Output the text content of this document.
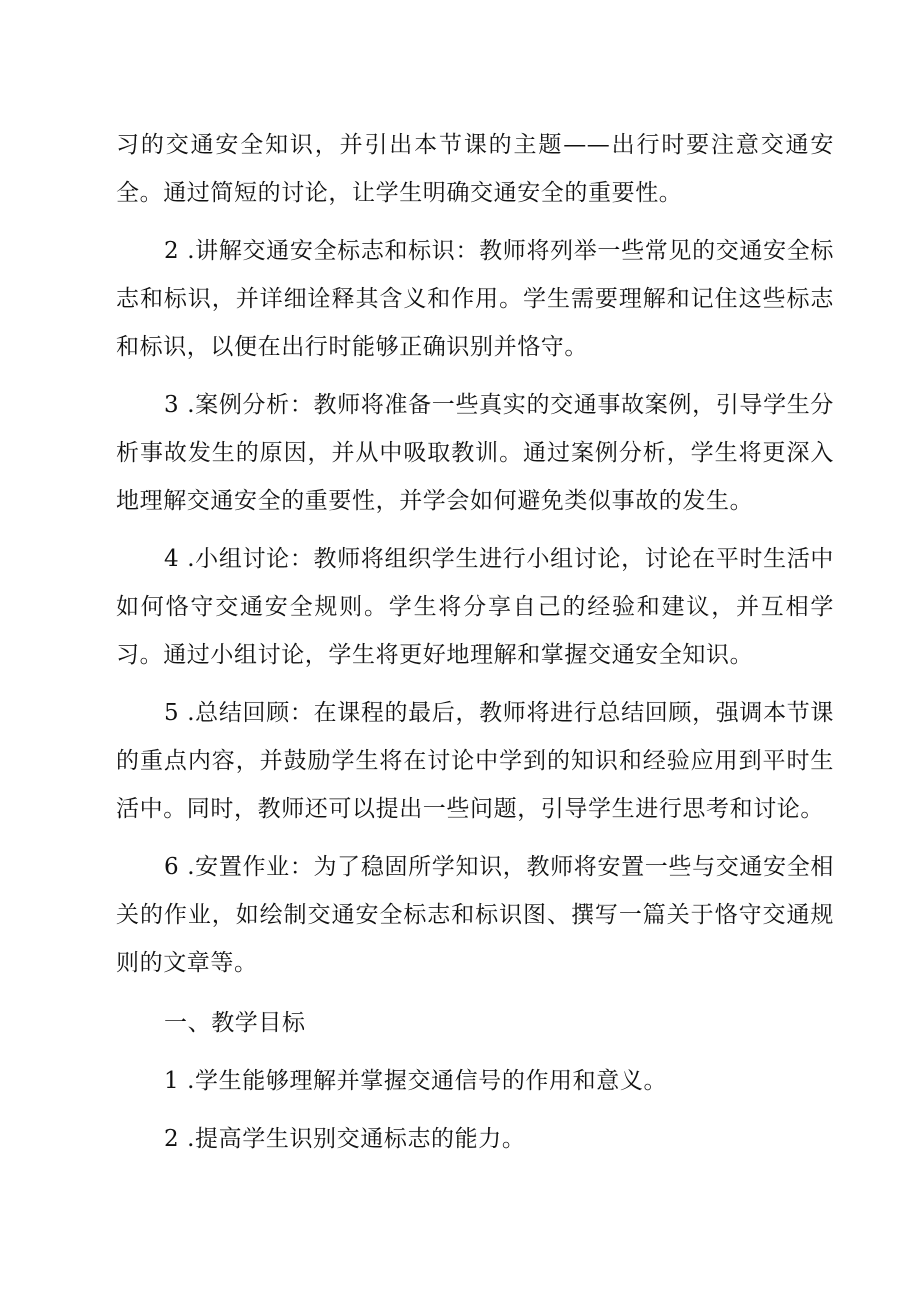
习的交通安全知识，并引出本节课的主题——出行时要注意交通安全。通过简短的讨论，让学生明确交通安全的重要性。

2 .讲解交通安全标志和标识：教师将列举一些常见的交通安全标志和标识，并详细诠释其含义和作用。学生需要理解和记住这些标志和标识，以便在出行时能够正确识别并恪守。

3 .案例分析：教师将准备一些真实的交通事故案例，引导学生分析事故发生的原因，并从中吸取教训。通过案例分析，学生将更深入地理解交通安全的重要性，并学会如何避免类似事故的发生。

4 .小组讨论：教师将组织学生进行小组讨论，讨论在平时生活中如何恪守交通安全规则。学生将分享自己的经验和建议，并互相学习。通过小组讨论，学生将更好地理解和掌握交通安全知识。

5 .总结回顾：在课程的最后，教师将进行总结回顾，强调本节课的重点内容，并鼓励学生将在讨论中学到的知识和经验应用到平时生活中。同时，教师还可以提出一些问题，引导学生进行思考和讨论。

6 .安置作业：为了稳固所学知识，教师将安置一些与交通安全相关的作业，如绘制交通安全标志和标识图、撰写一篇关于恪守交通规则的文章等。

一、教学目标

1 .学生能够理解并掌握交通信号的作用和意义。

2 .提高学生识别交通标志的能力。
